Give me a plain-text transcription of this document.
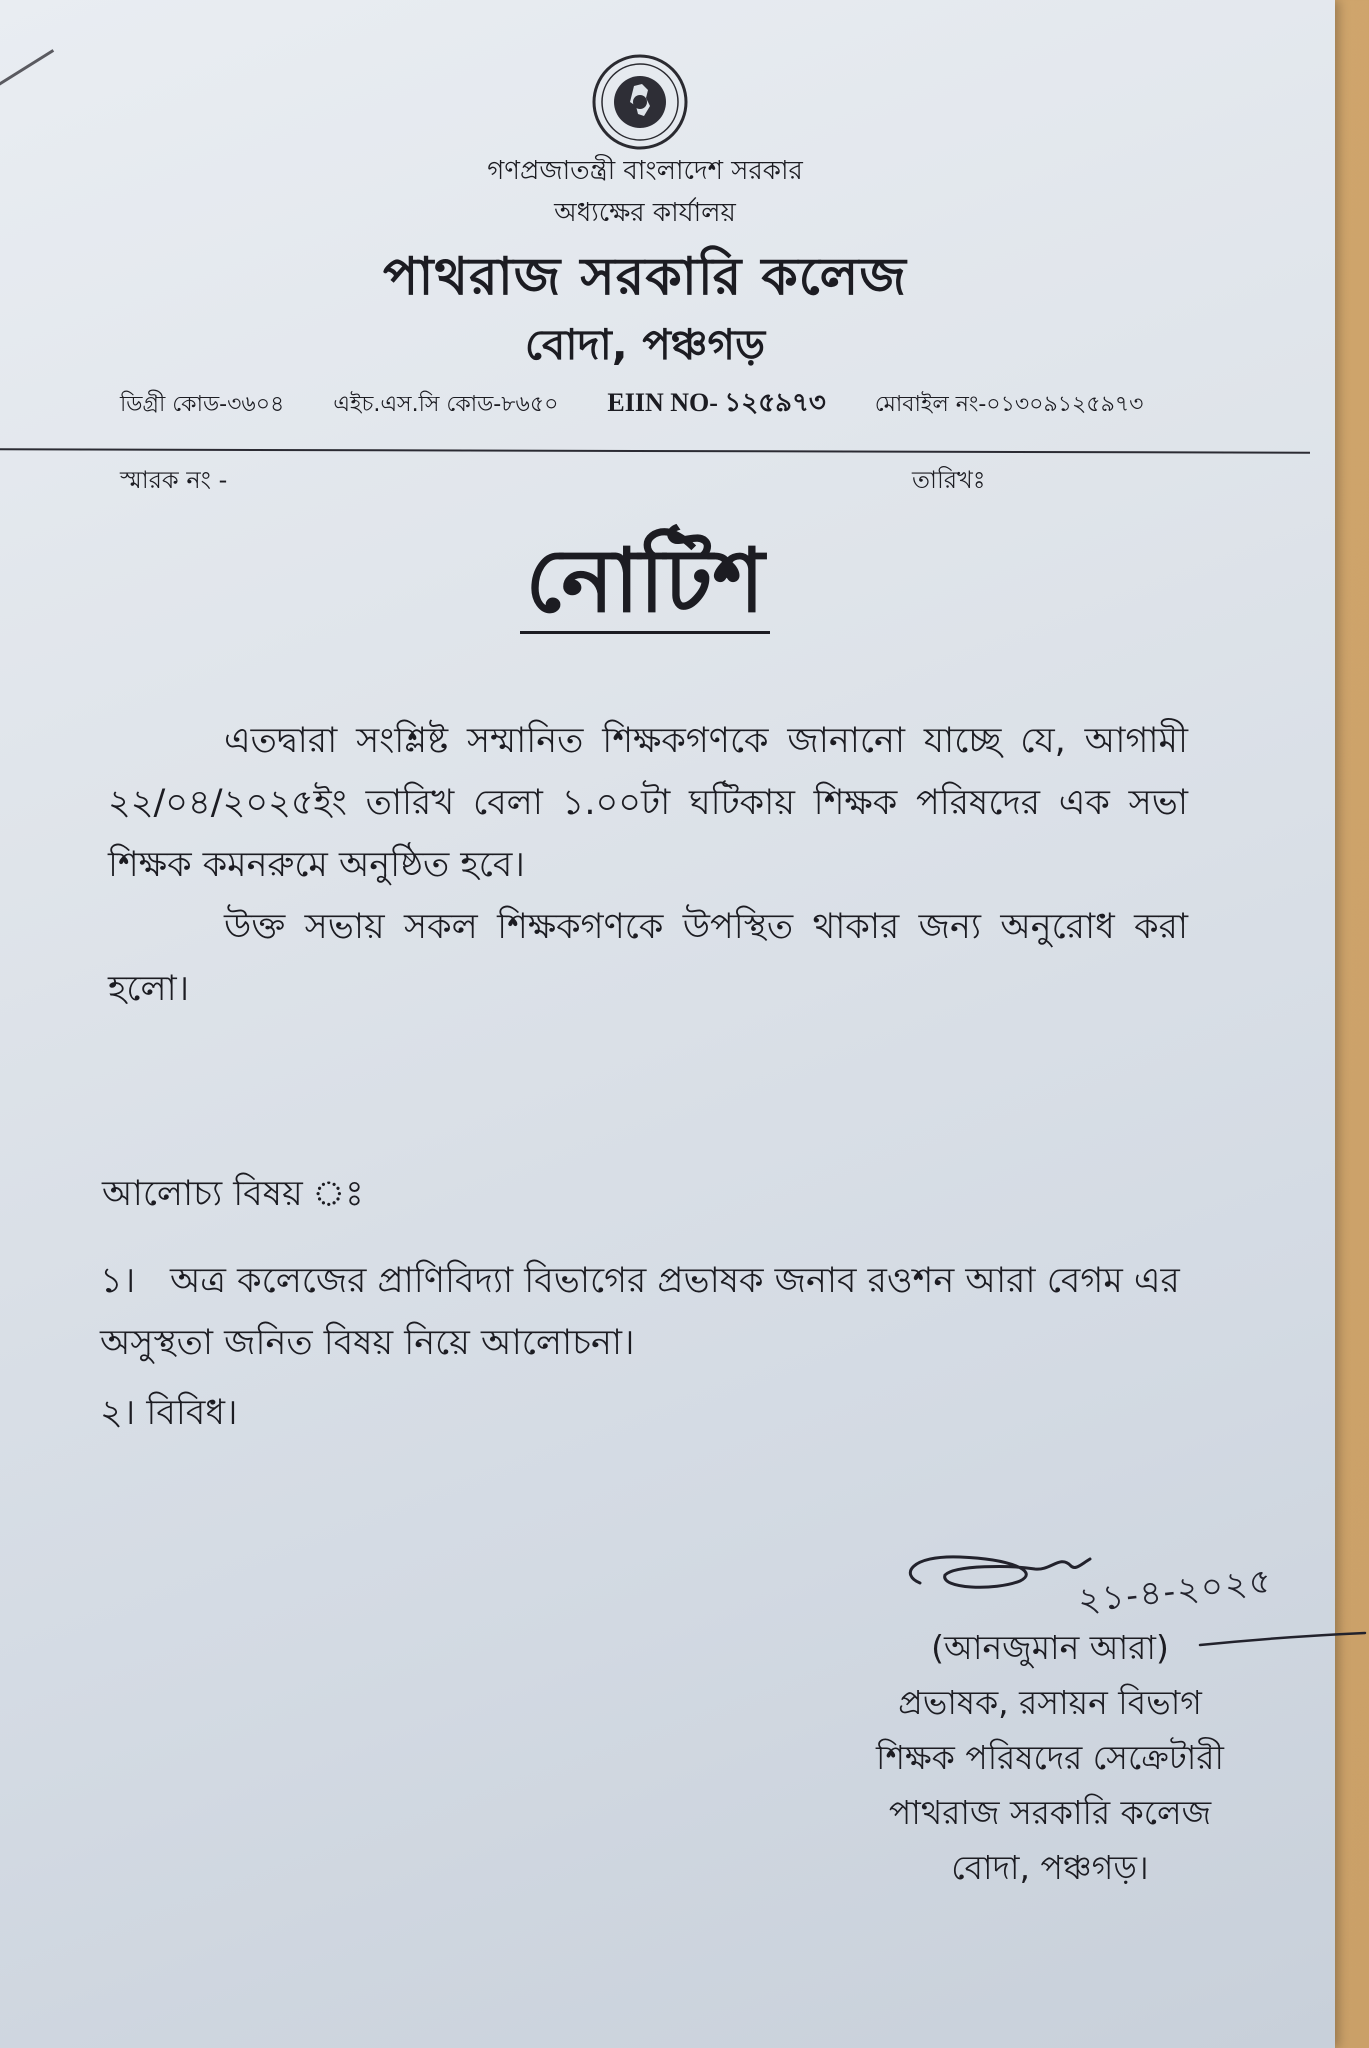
গণপ্রজাতন্ত্রী বাংলাদেশ সরকার
অধ্যক্ষের কার্যালয়
পাথরাজ সরকারি কলেজ
বোদা, পঞ্চগড়
ডিগ্রী কোড-৩৬০৪ এইচ.এস.সি কোড-৮৬৫০ EIIN NO- ১২৫৯৭৩ মোবাইল নং-০১৩০৯১২৫৯৭৩
স্মারক নং -	তারিখঃ
নোটিশ

এতদ্বারা সংশ্লিষ্ট সম্মানিত শিক্ষকগণকে জানানো যাচ্ছে যে, আগামী ২২/০৪/২০২৫ইং তারিখ বেলা ১.০০টা ঘটিকায় শিক্ষক পরিষদের এক সভা শিক্ষক কমনরুমে অনুষ্ঠিত হবে।

উক্ত সভায় সকল শিক্ষকগণকে উপস্থিত থাকার জন্য অনুরোধ করা হলো।

আলোচ্য বিষয় ঃ
১। অত্র কলেজের প্রাণিবিদ্যা বিভাগের প্রভাষক জনাব রওশন আরা বেগম এর অসুস্থতা জনিত বিষয় নিয়ে আলোচনা।
২। বিবিধ।
২১-৪-২০২৫
(আনজুমান আরা)
প্রভাষক, রসায়ন বিভাগ
শিক্ষক পরিষদের সেক্রেটারী
পাথরাজ সরকারি কলেজ
বোদা, পঞ্চগড়।
